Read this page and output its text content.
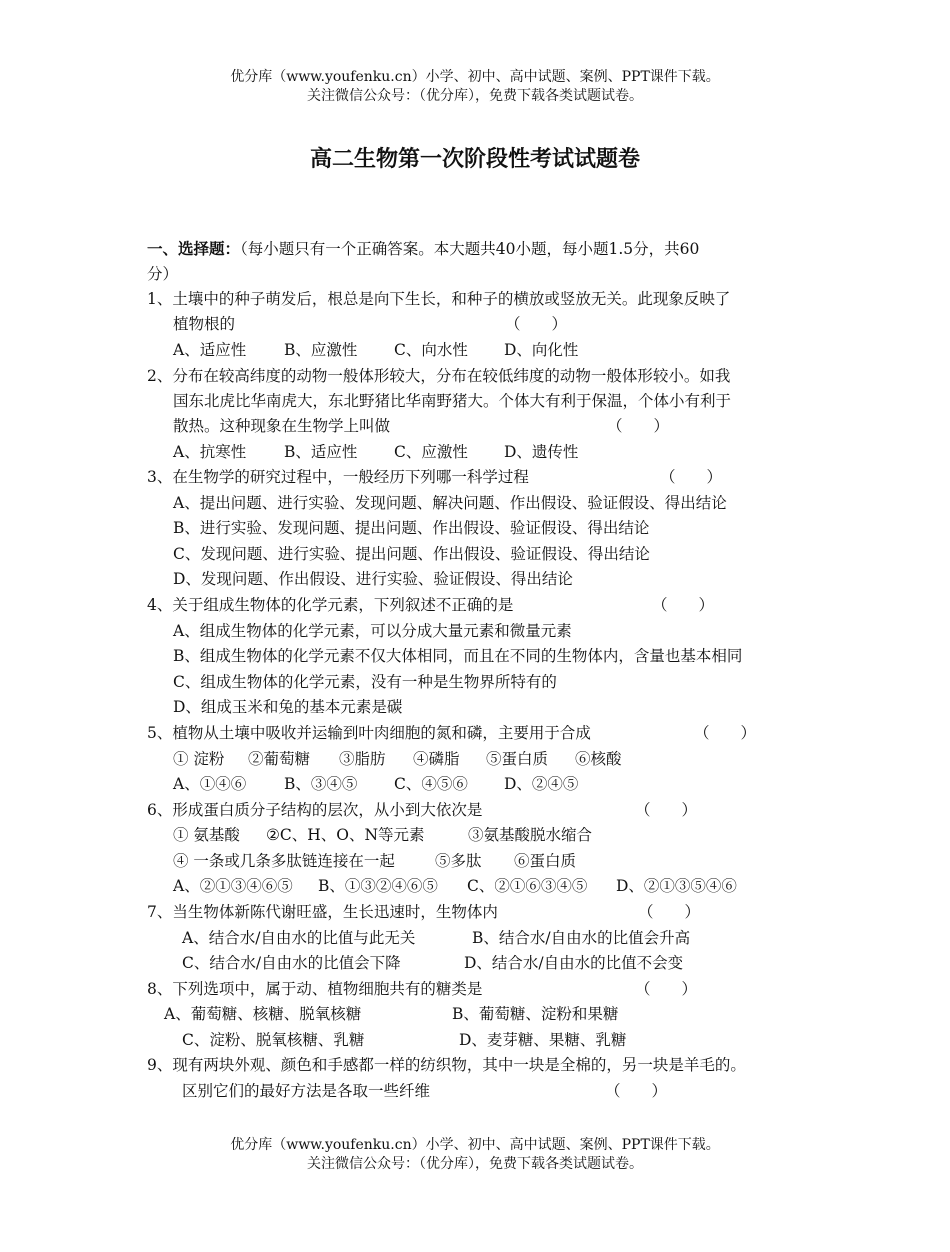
优分库（www.youfenku.cn）小学、初中、高中试题、案例、PPT课件下载。
关注微信公众号：（优分库），免费下载各类试题试卷。
高二生物第一次阶段性考试试题卷
一、选择题：（每小题只有一个正确答案。本大题共40小题，每小题1.5分，共60
分）
1、土壤中的种子萌发后，根总是向下生长，和种子的横放或竖放无关。此现象反映了
植物根的	（　　）
A、适应性 B、应激性 C、向水性 D、向化性
2、分布在较高纬度的动物一般体形较大，分布在较低纬度的动物一般体形较小。如我
国东北虎比华南虎大，东北野猪比华南野猪大。个体大有利于保温，个体小有利于
散热。这种现象在生物学上叫做	（　　）
A、抗寒性 B、适应性 C、应激性 D、遗传性
3、在生物学的研究过程中，一般经历下列哪一科学过程	（　　）
A、提出问题、进行实验、发现问题、解决问题、作出假设、验证假设、得出结论
B、进行实验、发现问题、提出问题、作出假设、验证假设、得出结论
C、发现问题、进行实验、提出问题、作出假设、验证假设、得出结论
D、发现问题、作出假设、进行实验、验证假设、得出结论
4、关于组成生物体的化学元素，下列叙述不正确的是	（　　）
A、组成生物体的化学元素，可以分成大量元素和微量元素
B、组成生物体的化学元素不仅大体相同，而且在不同的生物体内，含量也基本相同
C、组成生物体的化学元素，没有一种是生物界所特有的
D、组成玉米和兔的基本元素是碳
5、植物从土壤中吸收并运输到叶肉细胞的氮和磷，主要用于合成	（　　）
① 淀粉 ②葡萄糖 ③脂肪 ④磷脂 ⑤蛋白质 ⑥核酸
A、①④⑥ B、③④⑤ C、④⑤⑥ D、②④⑤
6、形成蛋白质分子结构的层次，从小到大依次是	（　　）
① 氨基酸 ②C、H、O、N等元素	③氨基酸脱水缩合
④ 一条或几条多肽链连接在一起	⑤多肽 ⑥蛋白质
A、②①③④⑥⑤ B、①③②④⑥⑤ C、②①⑥③④⑤ D、②①③⑤④⑥
7、当生物体新陈代谢旺盛，生长迅速时，生物体内	（　　）
A、结合水/自由水的比值与此无关	B、结合水/自由水的比值会升高
C、结合水/自由水的比值会下降	D、结合水/自由水的比值不会变
8、下列选项中，属于动、植物细胞共有的糖类是	（　　）
A、葡萄糖、核糖、脱氧核糖	B、葡萄糖、淀粉和果糖
C、淀粉、脱氧核糖、乳糖	D、麦芽糖、果糖、乳糖
9、现有两块外观、颜色和手感都一样的纺织物，其中一块是全棉的，另一块是羊毛的。
区别它们的最好方法是各取一些纤维	（　　）
优分库（www.youfenku.cn）小学、初中、高中试题、案例、PPT课件下载。
关注微信公众号：（优分库），免费下载各类试题试卷。
